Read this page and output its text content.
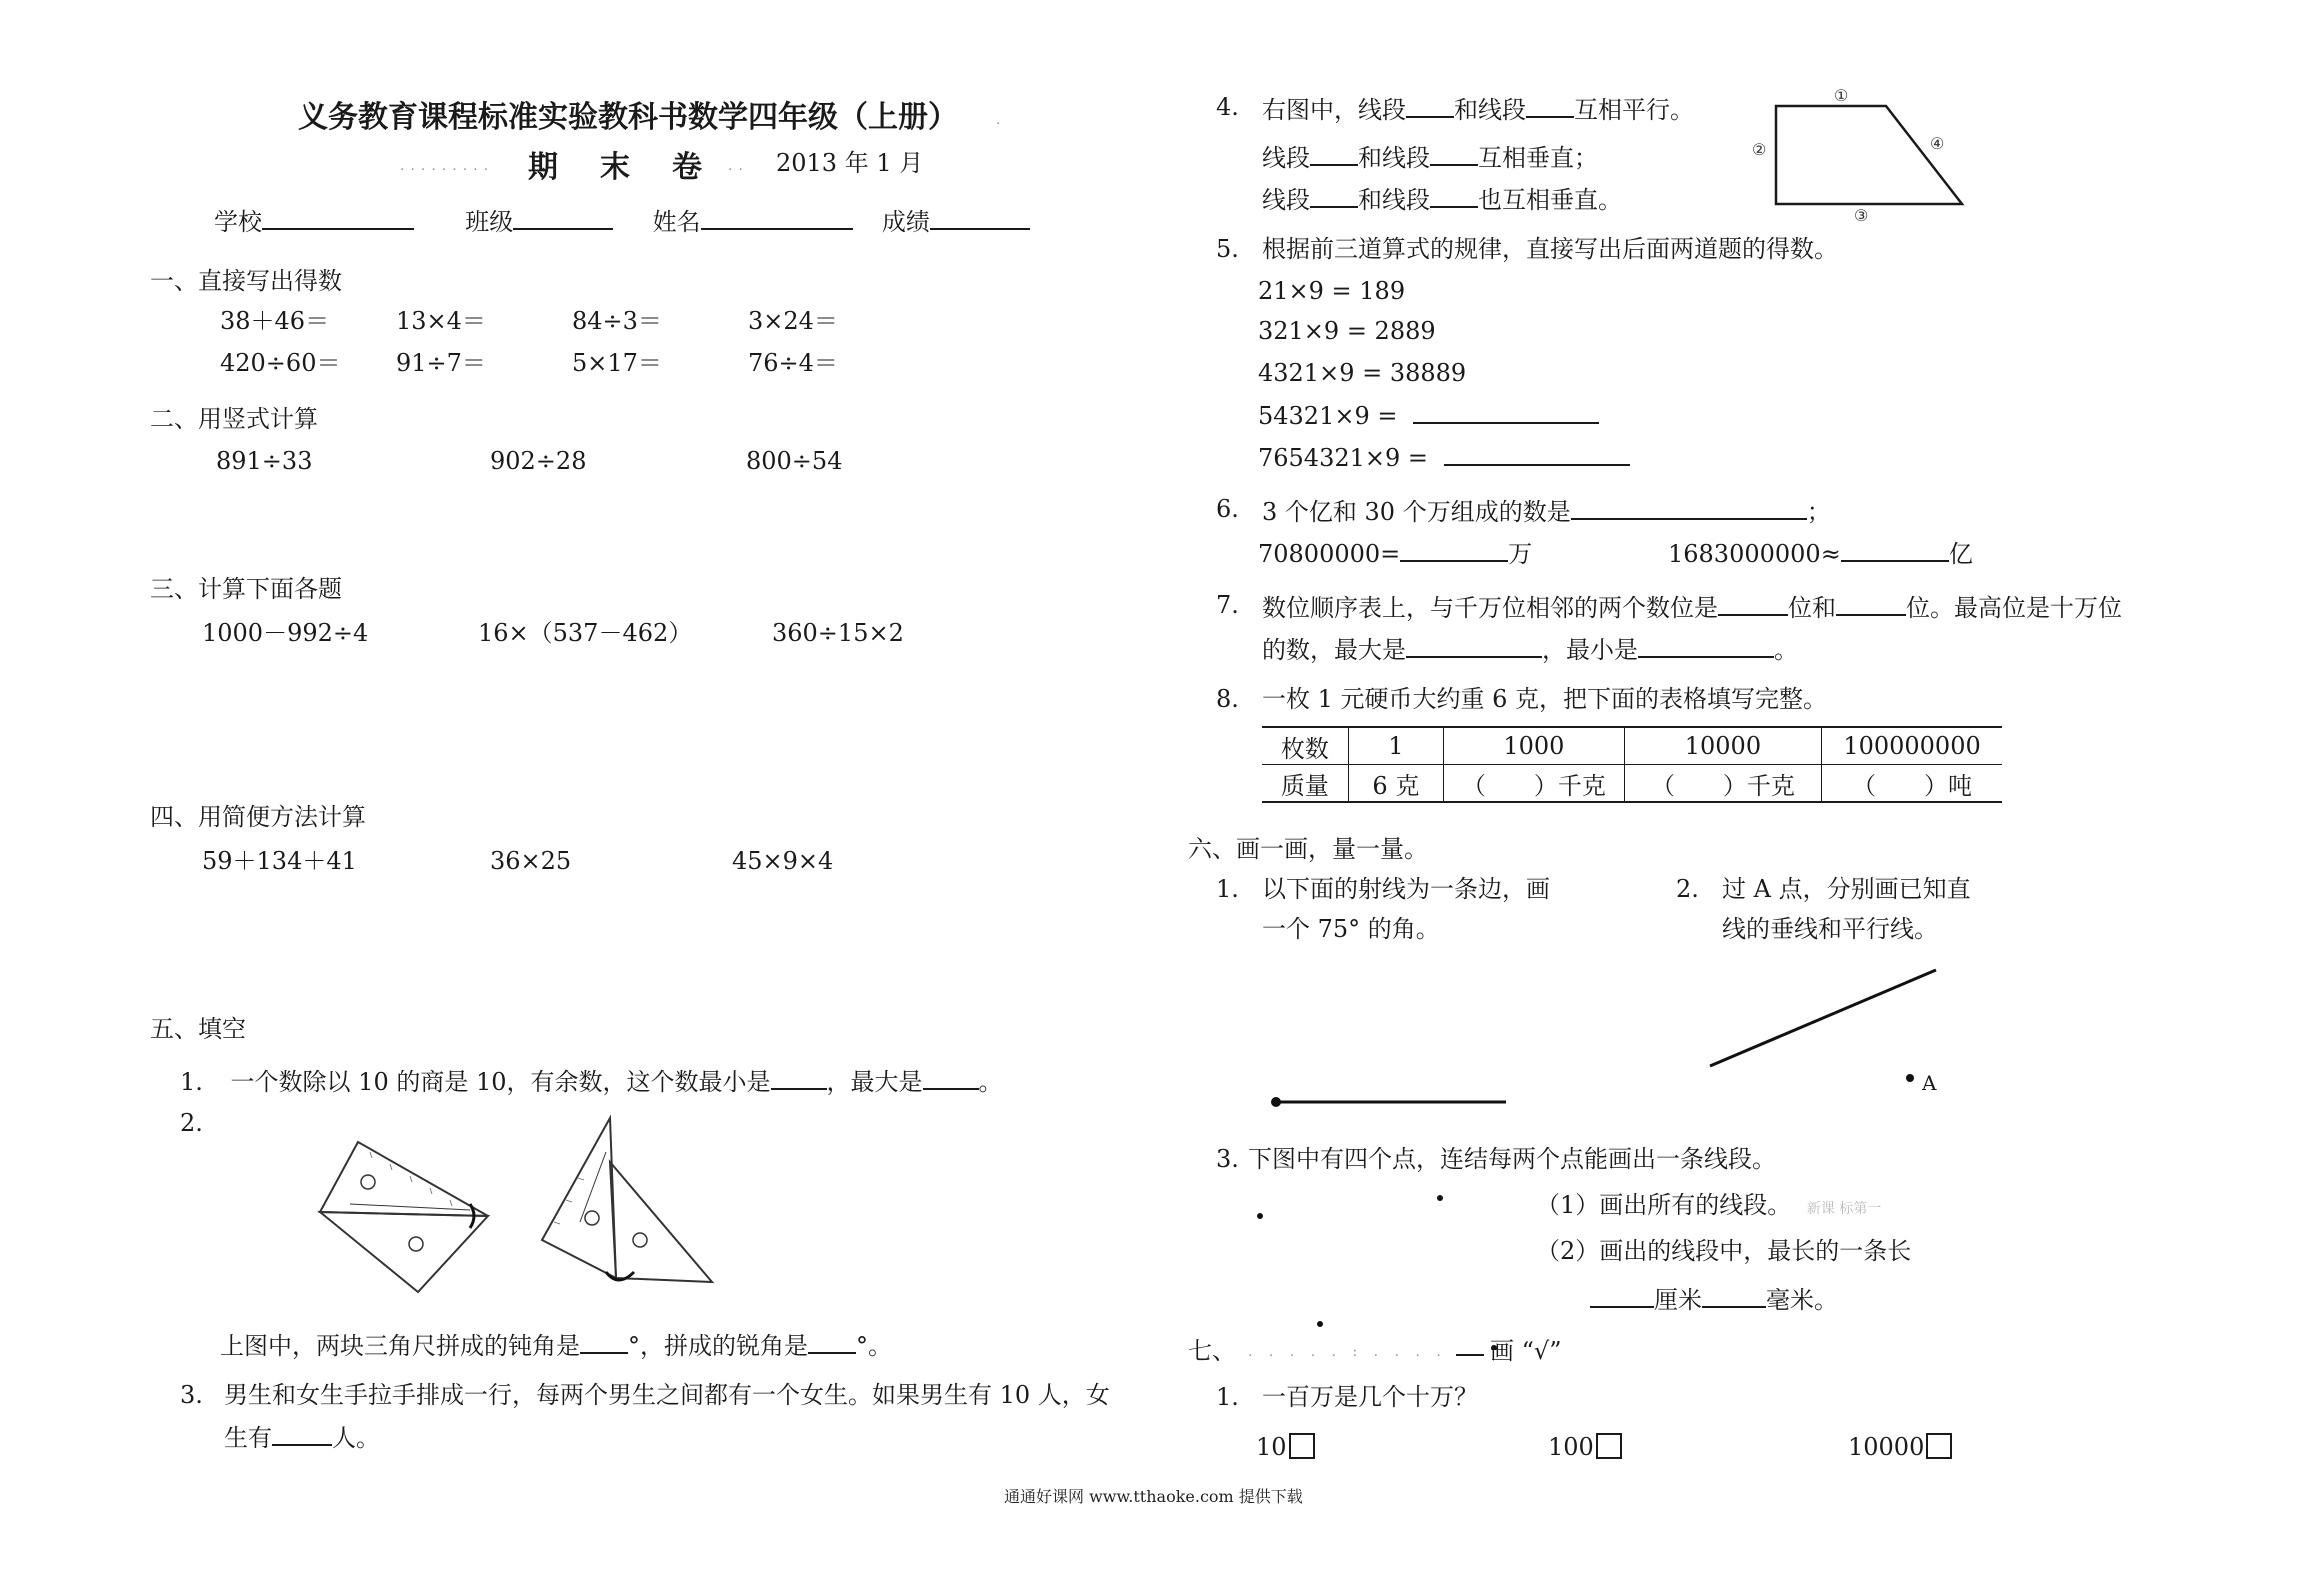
义务教育课程标准实验教科书数学四年级（上册）	.
......... 期　末　卷 .. 2013 年 1 月
学校	班级	姓名	成绩
一、直接写出得数
38＋46＝	13×4＝	84÷3＝	3×24＝
420÷60＝ 91÷7＝	5×17＝	76÷4＝
二、用竖式计算
891÷33	902÷28	800÷54
三、计算下面各题
1000－992÷4	16×（537－462）	360÷15×2
四、用简便方法计算
59＋134＋41	36×25	45×9×4
五、填空
1. 一个数除以 10 的商是 10，有余数，这个数最小是 ，最大是 。
2.
上图中，两块三角尺拼成的钝角是 °，拼成的锐角是 °。
3. 男生和女生手拉手排成一行，每两个男生之间都有一个女生。如果男生有 10 人，女
生有	人。
4. 右图中，线段 和线段 互相平行。
线段 和线段 互相垂直；
线段 和线段 也互相垂直。
①
②
③
④
5. 根据前三道算式的规律，直接写出后面两道题的得数。
21×9 = 189
321×9 = 2889
4321×9 = 38889
54321×9 =
7654321×9 =
6. 3 个亿和 30 个万组成的数是	；
70800000=	万	1683000000≈	亿
7. 数位顺序表上，与千万位相邻的两个数位是	位和	位。最高位是十万位
的数，最大是	，最小是	。
8. 一枚 1 元硬币大约重 6 克，把下面的表格填写完整。
枚数	1	1000	10000	100000000
质量	6 克	（　　）千克	（　　）千克	（　　）吨
六、画一画，量一量。
1. 以下面的射线为一条边，画
一个 75° 的角。
2. 过 A 点，分别画已知直
线的垂线和平行线。
A
3. 下图中有四个点，连结每两个点能画出一条线段。
（1）画出所有的线段。 新课 标第一
（2）画出的线段中，最长的一条长
厘米	毫米。
七、 . . . . . : . . . . 画 “√”
1. 一百万是几个十万？
10	100	10000
通通好课网 www.tthaoke.com 提供下载
